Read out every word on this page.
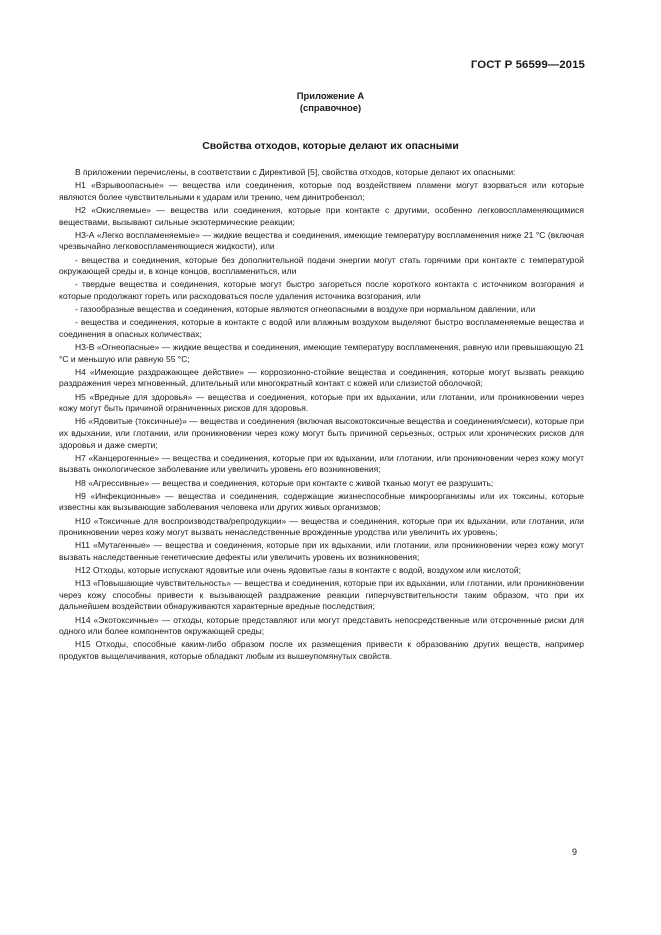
ГОСТ Р 56599—2015
Приложение А
(справочное)
Свойства отходов, которые делают их опасными

В приложении перечислены, в соответствии с Директивой [5], свойства отходов, которые делают их опасными:

Н1 «Взрывоопасные» — вещества или соединения, которые под воздействием пламени могут взорваться или которые являются более чувствительными к ударам или трению, чем динитробензол;

Н2 «Окисляемые» — вещества или соединения, которые при контакте с другими, особенно легковоспламеняющимися веществами, вызывают сильные экзотермические реакции;

Н3-А «Легко воспламеняемые» — жидкие вещества и соединения, имеющие температуру воспламенения ниже 21 °С (включая чрезвычайно легковоспламеняющиеся жидкости), или

- вещества и соединения, которые без дополнительной подачи энергии могут стать горячими при контакте с температурой окружающей среды и, в конце концов, воспламениться, или

- твердые вещества и соединения, которые могут быстро загореться после короткого контакта с источником возгорания и которые продолжают гореть или расходоваться после удаления источника возгорания, или

- газообразные вещества и соединения, которые являются огнеопасными в воздухе при нормальном давлении, или

- вещества и соединения, которые в контакте с водой или влажным воздухом выделяют быстро воспламеняемые вещества и соединения в опасных количествах;

Н3-В «Огнеопасные» — жидкие вещества и соединения, имеющие температуру воспламенения, равную или превышающую 21 °С и меньшую или равную 55 °С;

Н4 «Имеющие раздражающее действие» — коррозионно-стойкие вещества и соединения, которые могут вызвать реакцию раздражения через мгновенный, длительный или многократный контакт с кожей или слизистой оболочкой;

Н5 «Вредные для здоровья» — вещества и соединения, которые при их вдыхании, или глотании, или проникновении через кожу могут быть причиной ограниченных рисков для здоровья.

Н6 «Ядовитые (токсичные)» — вещества и соединения (включая высокотоксичные вещества и соединения/смеси), которые при их вдыхании, или глотании, или проникновении через кожу могут быть причиной серьезных, острых или хронических рисков для здоровья и даже смерти;

Н7 «Канцерогенные» — вещества и соединения, которые при их вдыхании, или глотании, или проникновении через кожу могут вызвать онкологическое заболевание или увеличить уровень его возникновения;

Н8 «Агрессивные» — вещества и соединения, которые при контакте с живой тканью могут ее разрушить;

Н9 «Инфекционные» — вещества и соединения, содержащие жизнеспособные микроорганизмы или их токсины, которые известны как вызывающие заболевания человека или других живых организмов;

Н10 «Токсичные для воспроизводства/репродукции» — вещества и соединения, которые при их вдыхании, или глотании, или проникновении через кожу могут вызвать ненаследственные врожденные уродства или увеличить их уровень;

Н11 «Мутагенные» — вещества и соединения, которые при их вдыхании, или глотании, или проникновении через кожу могут вызвать наследственные генетические дефекты или увеличить уровень их возникновения;

Н12 Отходы, которые испускают ядовитые или очень ядовитые газы в контакте с водой, воздухом или кислотой;

Н13 «Повышающие чувствительность» — вещества и соединения, которые при их вдыхании, или глотании, или проникновении через кожу способны привести к вызывающей раздражение реакции гиперчувствительности таким образом, что при их дальнейшем воздействии обнаруживаются характерные вредные последствия;

Н14 «Экотоксичные» — отходы, которые представляют или могут представить непосредственные или отсроченные риски для одного или более компонентов окружающей среды;

Н15 Отходы, способные каким-либо образом после их размещения привести к образованию других веществ, например продуктов выщелачивания, которые обладают любым из вышеупомянутых свойств.

9
